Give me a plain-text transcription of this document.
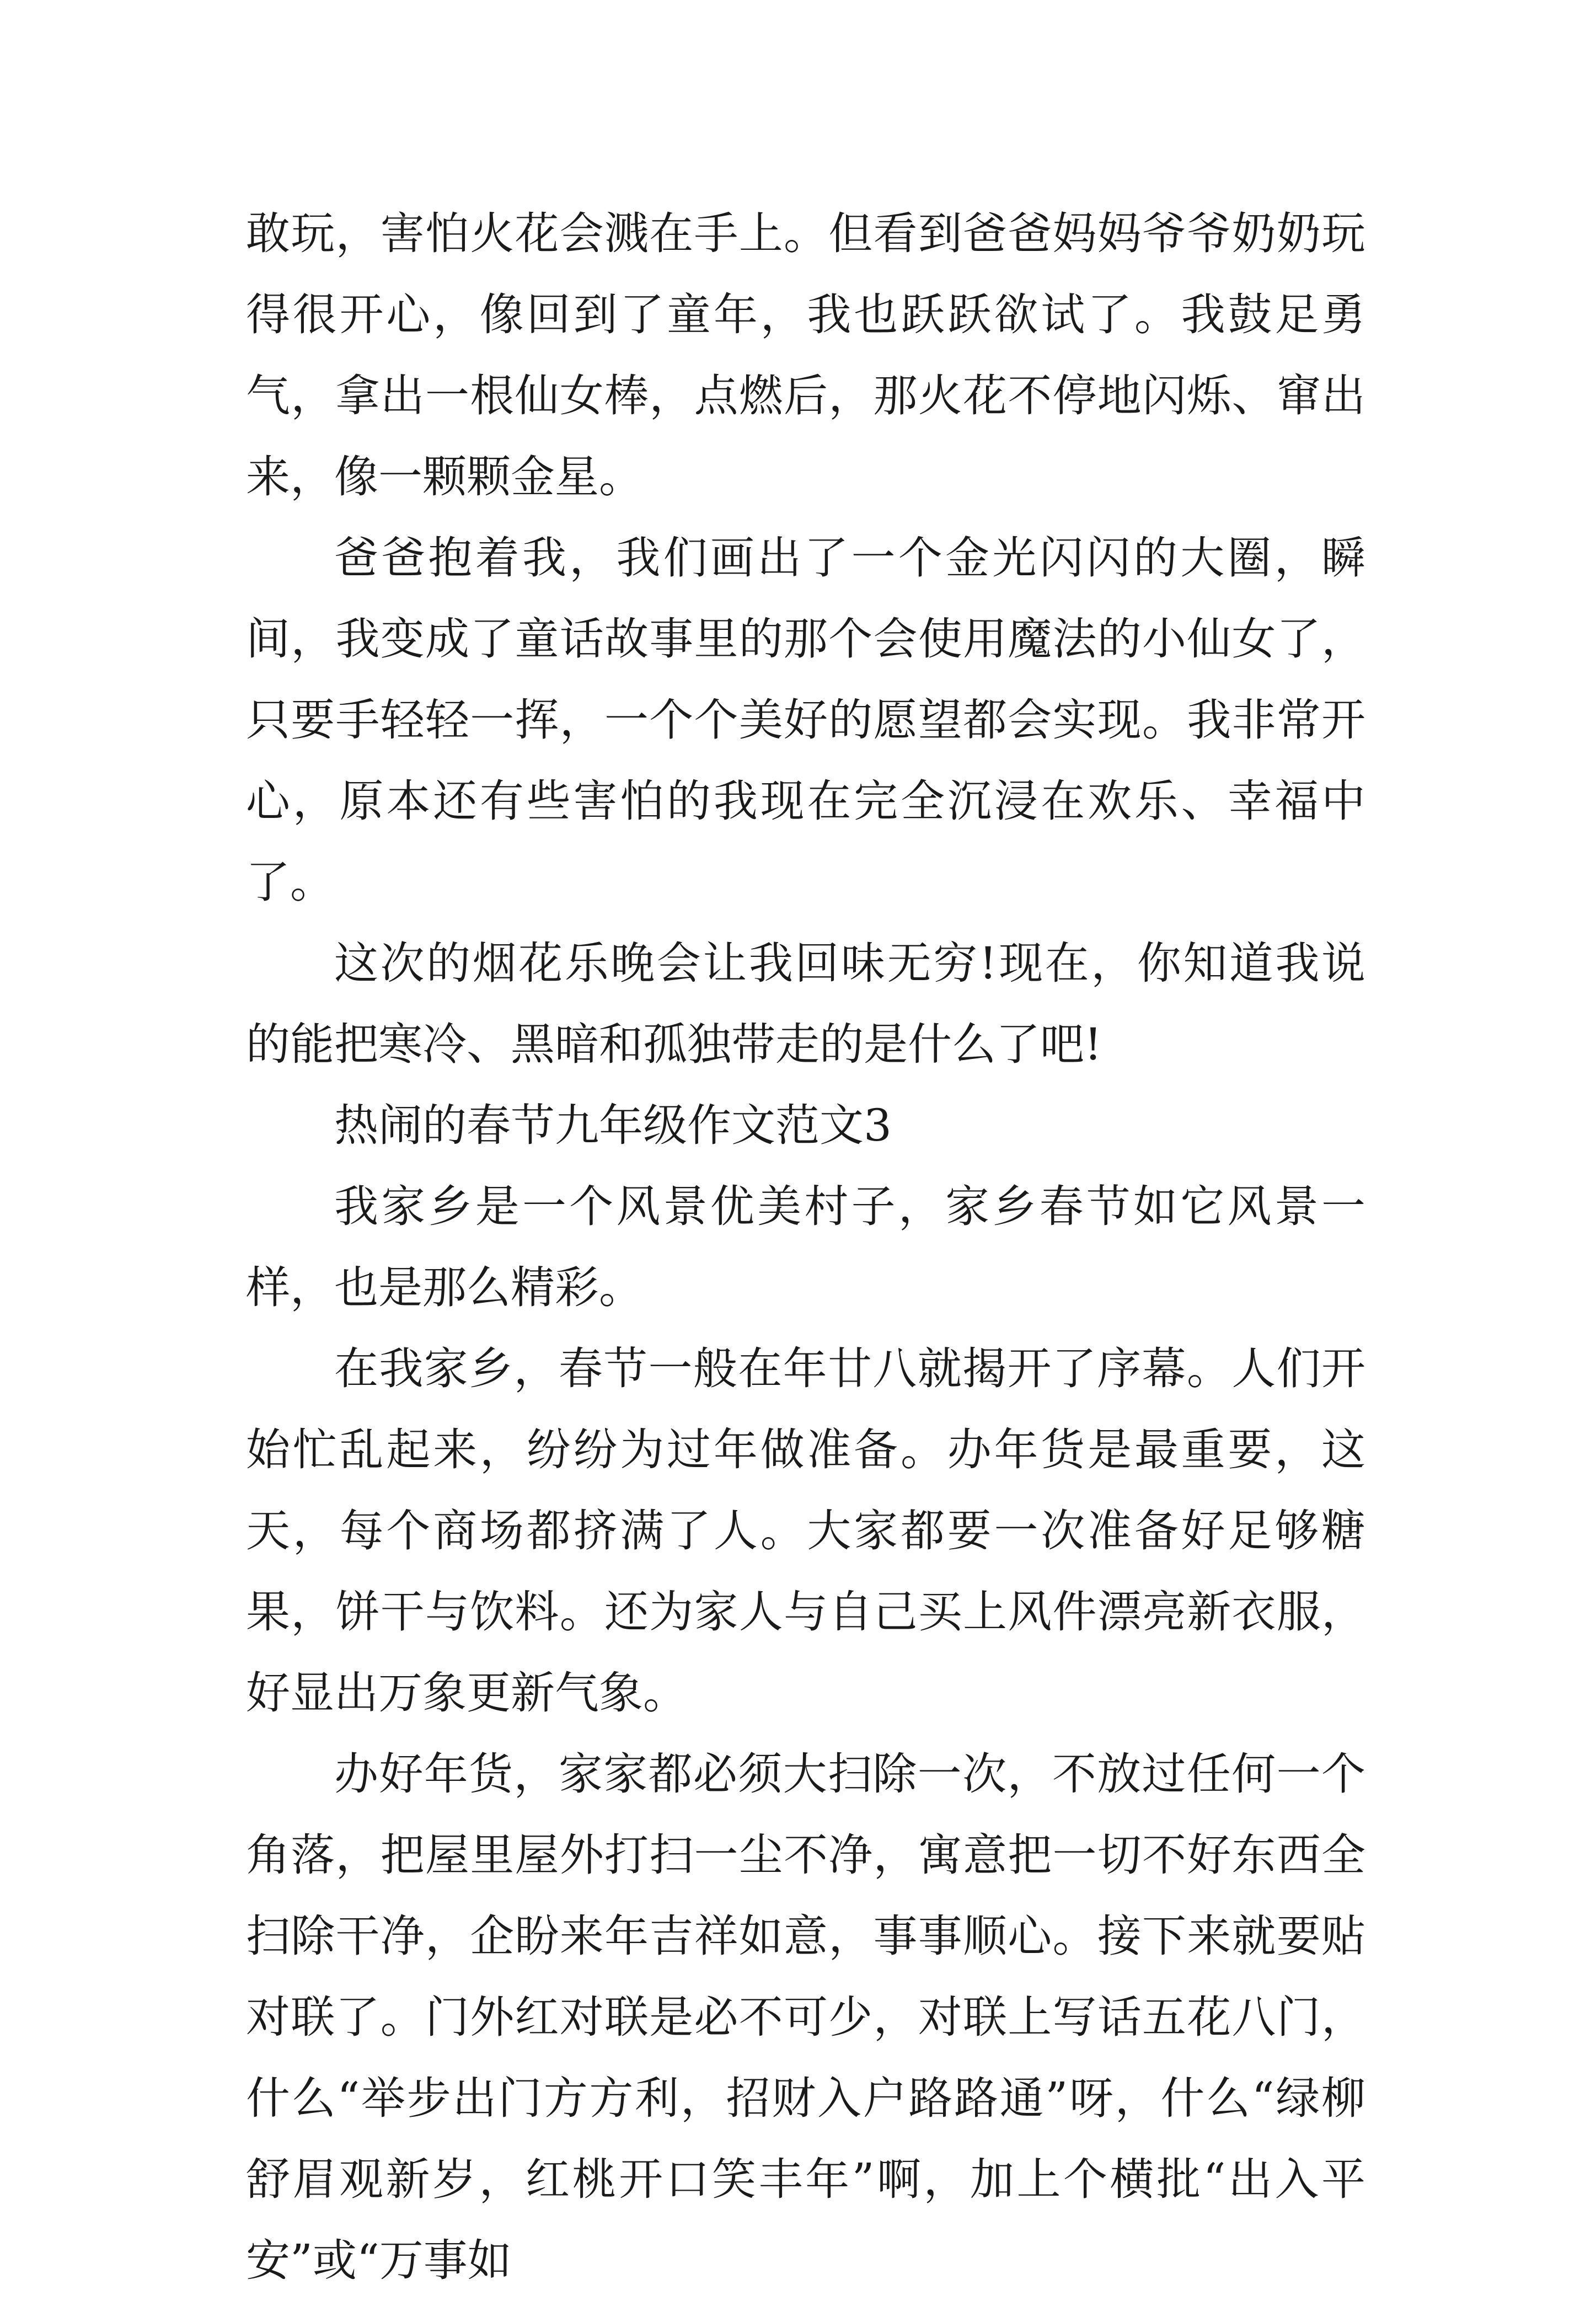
敢玩，害怕火花会溅在手上。但看到爸爸妈妈爷爷奶奶玩得很开心，像回到了童年，我也跃跃欲试了。我鼓足勇气，拿出一根仙女棒，点燃后，那火花不停地闪烁、窜出来，像一颗颗金星。

爸爸抱着我，我们画出了一个金光闪闪的大圈，瞬间，我变成了童话故事里的那个会使用魔法的小仙女了，只要手轻轻一挥，一个个美好的愿望都会实现。我非常开心，原本还有些害怕的我现在完全沉浸在欢乐、幸福中了。

这次的烟花乐晚会让我回味无穷!现在，你知道我说的能把寒冷、黑暗和孤独带走的是什么了吧!

热闹的春节九年级作文范文3

我家乡是一个风景优美村子，家乡春节如它风景一样，也是那么精彩。

在我家乡，春节一般在年廿八就揭开了序幕。人们开始忙乱起来，纷纷为过年做准备。办年货是最重要，这天，每个商场都挤满了人。大家都要一次准备好足够糖果，饼干与饮料。还为家人与自己买上风件漂亮新衣服，好显出万象更新气象。

办好年货，家家都必须大扫除一次，不放过任何一个角落，把屋里屋外打扫一尘不净，寓意把一切不好东西全扫除干净，企盼来年吉祥如意，事事顺心。接下来就要贴对联了。门外红对联是必不可少，对联上写话五花八门，什么“举步出门方方利，招财入户路路通”呀，什么“绿柳舒眉观新岁，红桃开口笑丰年”啊，加上个横批“出入平安”或“万事如
